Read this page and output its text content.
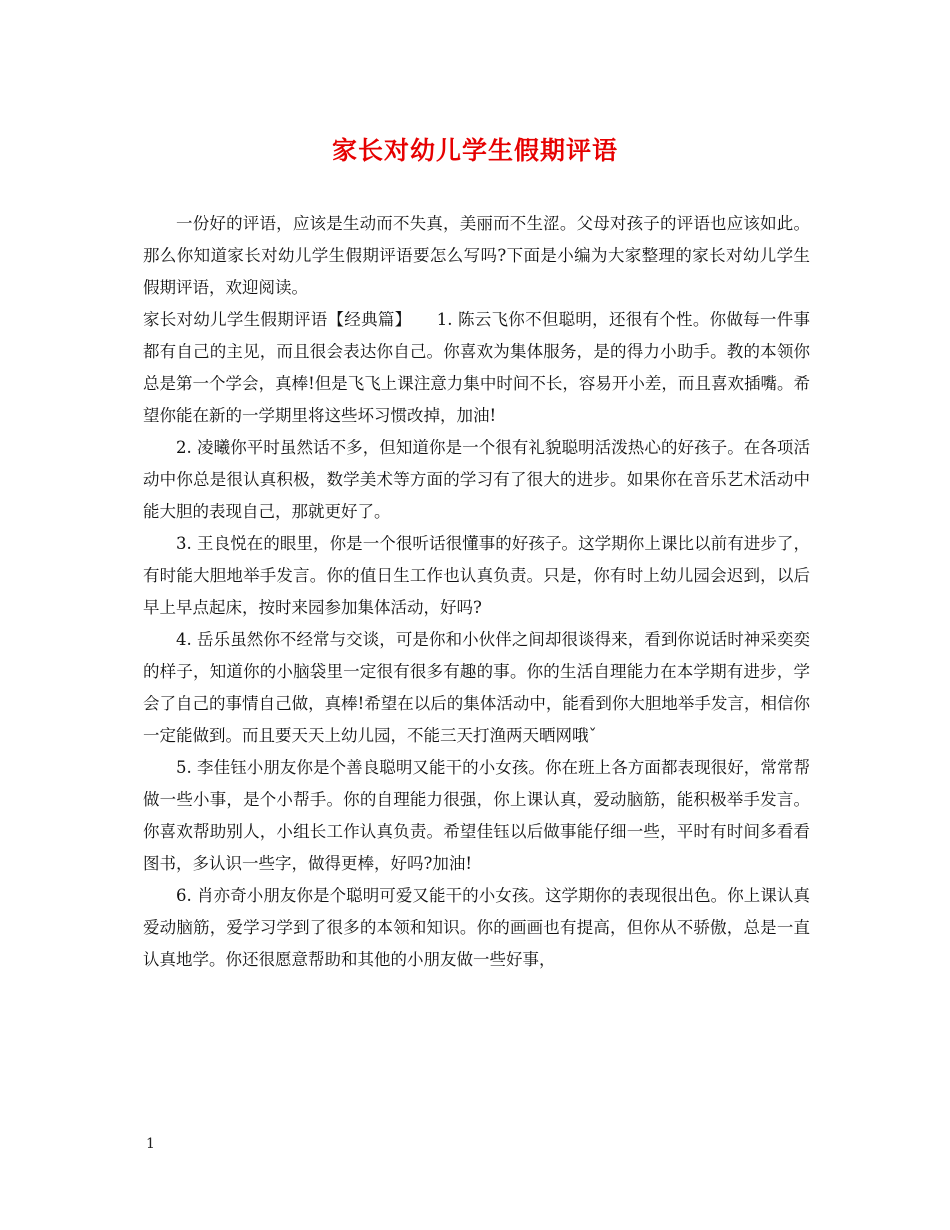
家长对幼儿学生假期评语

一份好的评语，应该是生动而不失真，美丽而不生涩。父母对孩子的评语也应该如此。那么你知道家长对幼儿学生假期评语要怎么写吗?下面是小编为大家整理的家长对幼儿学生假期评语，欢迎阅读。

家长对幼儿学生假期评语【经典篇】　　1. 陈云飞你不但聪明，还很有个性。你做每一件事都有自己的主见，而且很会表达你自己。你喜欢为集体服务，是的得力小助手。教的本领你总是第一个学会，真棒!但是飞飞上课注意力集中时间不长，容易开小差，而且喜欢插嘴。希望你能在新的一学期里将这些坏习惯改掉，加油!

2. 凌曦你平时虽然话不多，但知道你是一个很有礼貌聪明活泼热心的好孩子。在各项活动中你总是很认真积极，数学美术等方面的学习有了很大的进步。如果你在音乐艺术活动中能大胆的表现自己，那就更好了。

3. 王良悦在的眼里，你是一个很听话很懂事的好孩子。这学期你上课比以前有进步了，有时能大胆地举手发言。你的值日生工作也认真负责。只是，你有时上幼儿园会迟到，以后早上早点起床，按时来园参加集体活动，好吗?

4. 岳乐虽然你不经常与交谈，可是你和小伙伴之间却很谈得来，看到你说话时神采奕奕的样子，知道你的小脑袋里一定很有很多有趣的事。你的生活自理能力在本学期有进步，学会了自己的事情自己做，真棒!希望在以后的集体活动中，能看到你大胆地举手发言，相信你一定能做到。而且要天天上幼儿园，不能三天打渔两天晒网哦ˇ

5. 李佳钰小朋友你是个善良聪明又能干的小女孩。你在班上各方面都表现很好，常常帮做一些小事，是个小帮手。你的自理能力很强，你上课认真，爱动脑筋，能积极举手发言。你喜欢帮助别人，小组长工作认真负责。希望佳钰以后做事能仔细一些，平时有时间多看看图书，多认识一些字，做得更棒，好吗?加油!

6. 肖亦奇小朋友你是个聪明可爱又能干的小女孩。这学期你的表现很出色。你上课认真爱动脑筋，爱学习学到了很多的本领和知识。你的画画也有提高，但你从不骄傲，总是一直认真地学。你还很愿意帮助和其他的小朋友做一些好事，

1
